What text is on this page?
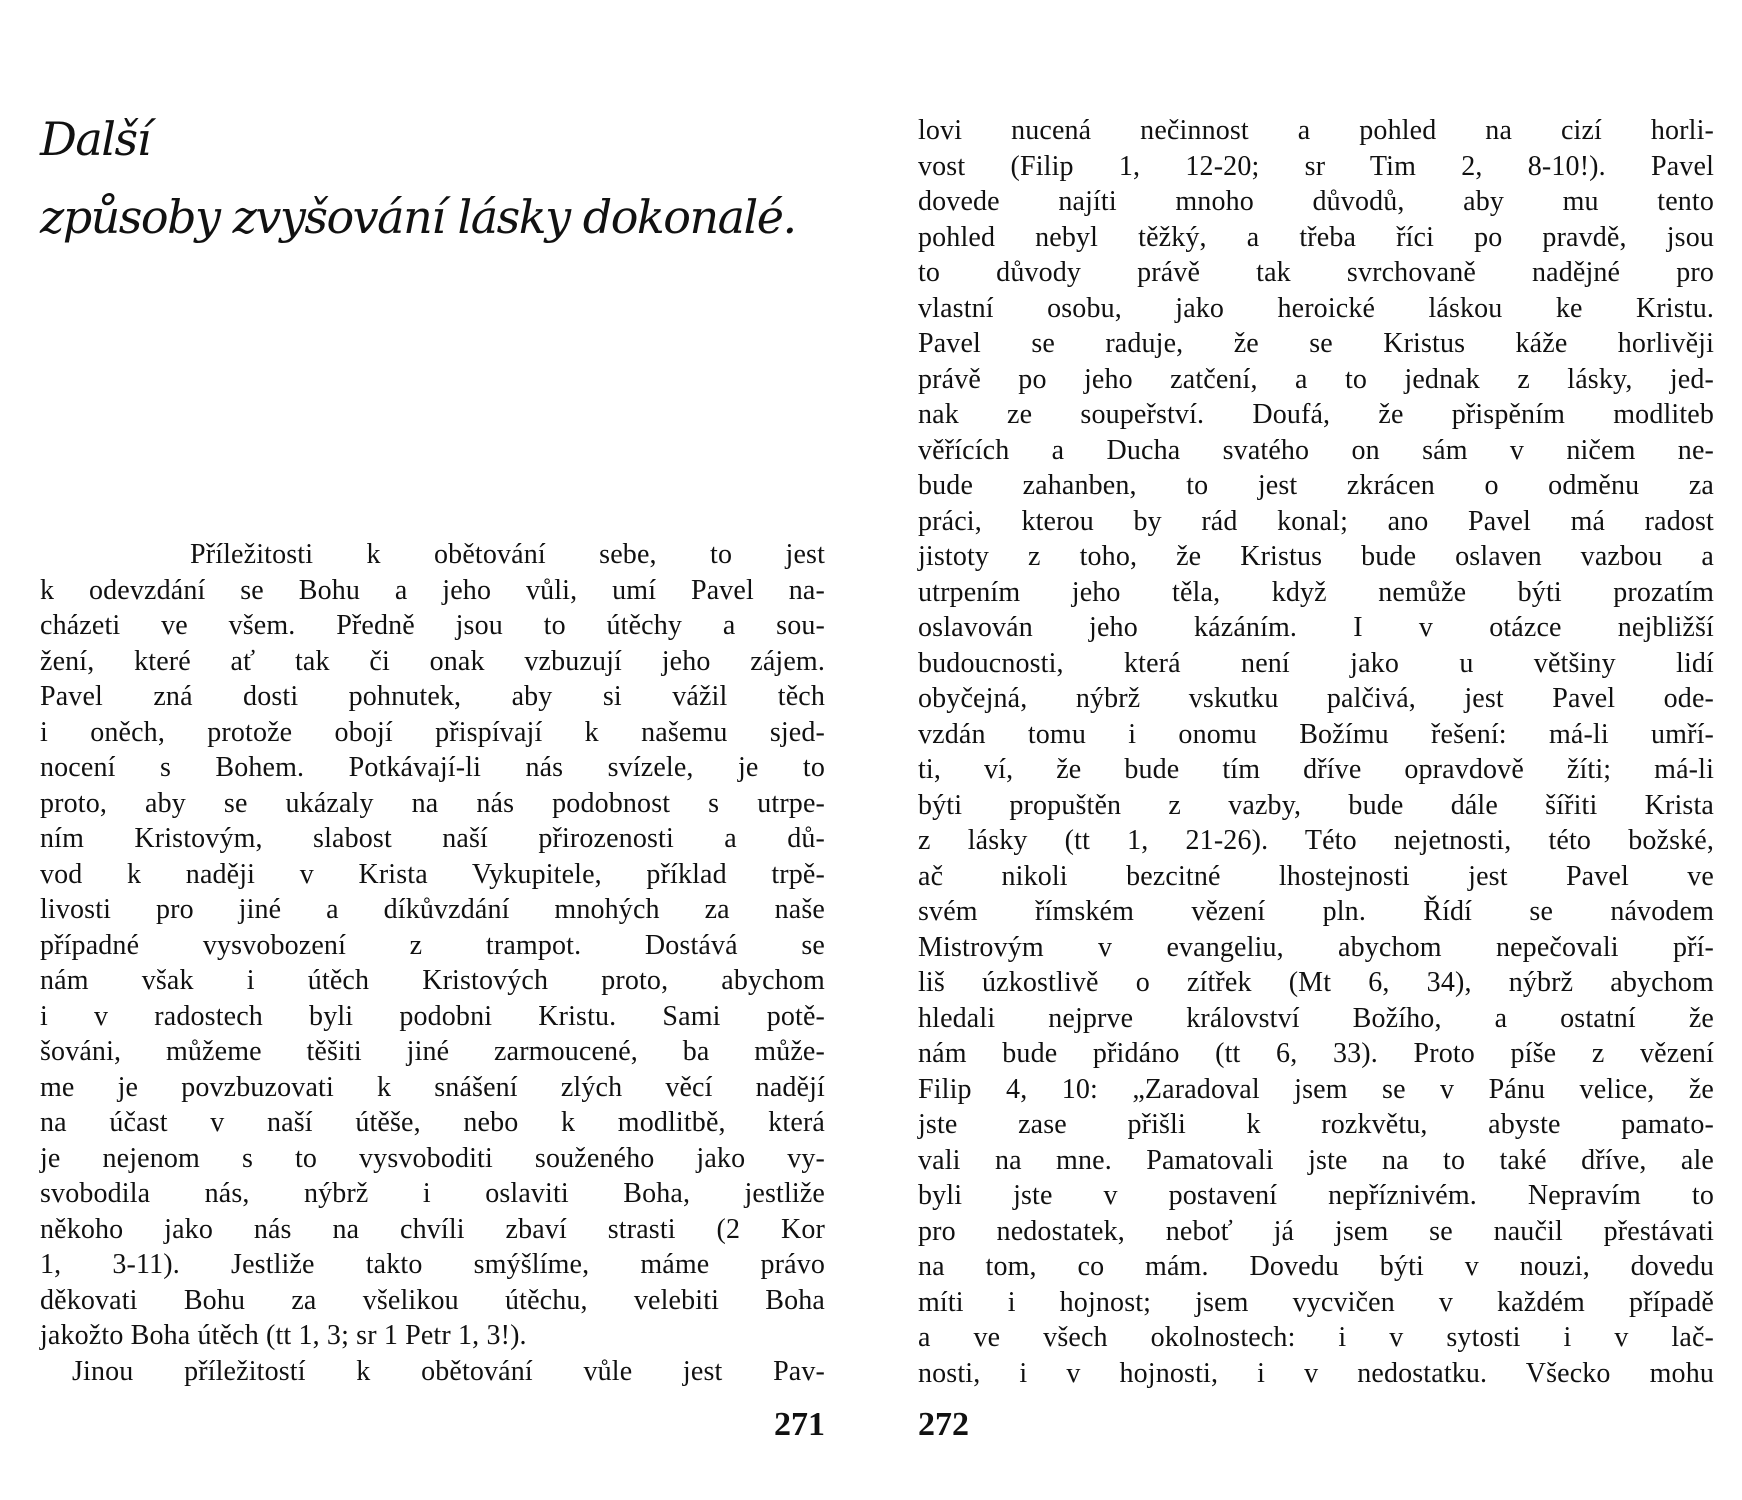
Další
způsoby zvyšování lásky dokonalé.
Příležitosti k obětování sebe, to jest
k odevzdání se Bohu a jeho vůli, umí Pavel na-
cházeti ve všem. Předně jsou to útěchy a sou-
žení, které ať tak či onak vzbuzují jeho zájem.
Pavel zná dosti pohnutek, aby si vážil těch
i oněch, protože obojí přispívají k našemu sjed-
nocení s Bohem. Potkávají-li nás svízele, je to
proto, aby se ukázaly na nás podobnost s utrpe-
ním Kristovým, slabost naší přirozenosti a dů-
vod k naději v Krista Vykupitele, příklad trpě-
livosti pro jiné a díkůvzdání mnohých za naše
případné vysvobození z trampot. Dostává se
nám však i útěch Kristových proto, abychom
i v radostech byli podobni Kristu. Sami potě-
šováni, můžeme těšiti jiné zarmoucené, ba může-
me je povzbuzovati k snášení zlých věcí nadějí
na účast v naší útěše, nebo k modlitbě, která
je nejenom s to vysvoboditi souženého jako vy-
svobodila nás, nýbrž i oslaviti Boha, jestliže
někoho jako nás na chvíli zbaví strasti (2 Kor
1, 3-11). Jestliže takto smýšlíme, máme právo
děkovati Bohu za všelikou útěchu, velebiti Boha
jakožto Boha útěch (tt 1, 3; sr 1 Petr 1, 3!).
Jinou příležitostí k obětování vůle jest Pav-

271

lovi nucená nečinnost a pohled na cizí horli-
vost (Filip 1, 12-20; sr Tim 2, 8-10!). Pavel
dovede najíti mnoho důvodů, aby mu tento
pohled nebyl těžký, a třeba říci po pravdě, jsou
to důvody právě tak svrchovaně nadějné pro
vlastní osobu, jako heroické láskou ke Kristu.
Pavel se raduje, že se Kristus káže horlivěji
právě po jeho zatčení, a to jednak z lásky, jed-
nak ze soupeřství. Doufá, že přispěním modliteb
věřících a Ducha svatého on sám v ničem ne-
bude zahanben, to jest zkrácen o odměnu za
práci, kterou by rád konal; ano Pavel má radost
jistoty z toho, že Kristus bude oslaven vazbou a
utrpením jeho těla, když nemůže býti prozatím
oslavován jeho kázáním. I v otázce nejbližší
budoucnosti, která není jako u většiny lidí
obyčejná, nýbrž vskutku palčivá, jest Pavel ode-
vzdán tomu i onomu Božímu řešení: má-li umří-
ti, ví, že bude tím dříve opravdově žíti; má-li
býti propuštěn z vazby, bude dále šířiti Krista
z lásky (tt 1, 21-26). Této nejetnosti, této božské,
ač nikoli bezcitné lhostejnosti jest Pavel ve
svém římském vězení pln. Řídí se návodem
Mistrovým v evangeliu, abychom nepečovali pří-
liš úzkostlivě o zítřek (Mt 6, 34), nýbrž abychom
hledali nejprve království Božího, a ostatní že
nám bude přidáno (tt 6, 33). Proto píše z vězení
Filip 4, 10: „Zaradoval jsem se v Pánu velice, že
jste zase přišli k rozkvětu, abyste pamato-
vali na mne. Pamatovali jste na to také dříve, ale
byli jste v postavení nepříznivém. Nepravím to
pro nedostatek, neboť já jsem se naučil přestávati
na tom, co mám. Dovedu býti v nouzi, dovedu
míti i hojnost; jsem vycvičen v každém případě
a ve všech okolnostech: i v sytosti i v lač-
nosti, i v hojnosti, i v nedostatku. Všecko mohu

272
